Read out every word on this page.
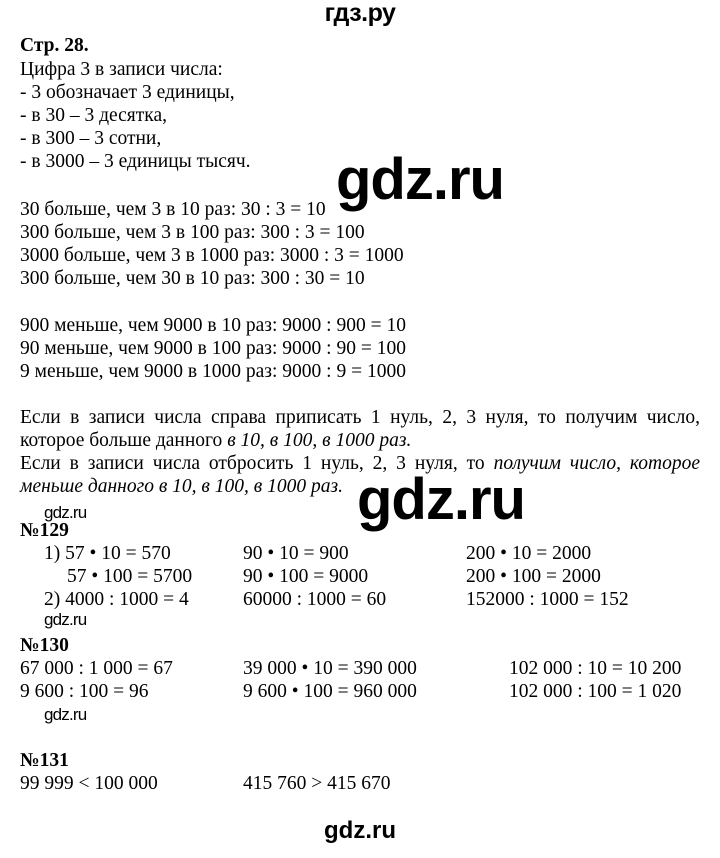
гдз.ру
Стр. 28.
Цифра 3 в записи числа:
- 3 обозначает 3 единицы,
- в 30 – 3 десятка,
- в 300 – 3 сотни,
- в 3000 – 3 единицы тысяч. gdz.ru
30 больше, чем 3 в 10 раз: 30 : 3 = 10
300 больше, чем 3 в 100 раз: 300 : 3 = 100
3000 больше, чем 3 в 1000 раз: 3000 : 3 = 1000
300 больше, чем 30 в 10 раз: 300 : 30 = 10
900 меньше, чем 9000 в 10 раз: 9000 : 900 = 10
90 меньше, чем 9000 в 100 раз: 9000 : 90 = 100
9 меньше, чем 9000 в 1000 раз: 9000 : 9 = 1000
Если в записи числа справа приписать 1 нуль, 2, 3 нуля, то получим число,
которое больше данного в 10, в 100, в 1000 раз.
Если в записи числа отбросить 1 нуль, 2, 3 нуля, то получим число, которое
меньше данного в 10, в 100, в 1000 раз. gdz.ru
gdz.ru
№129
1) 57 • 10 = 570	90 • 10 = 900	200 • 10 = 2000
57 • 100 = 5700	90 • 100 = 9000	200 • 100 = 2000
2) 4000 : 1000 = 4	60000 : 1000 = 60	152000 : 1000 = 152
gdz.ru
№130
67 000 : 1 000 = 67	39 000 • 10 = 390 000	102 000 : 10 = 10 200
9 600 : 100 = 96	9 600 • 100 = 960 000	102 000 : 100 = 1 020
gdz.ru
№131
99 999 < 100 000	415 760 > 415 670
gdz.ru
